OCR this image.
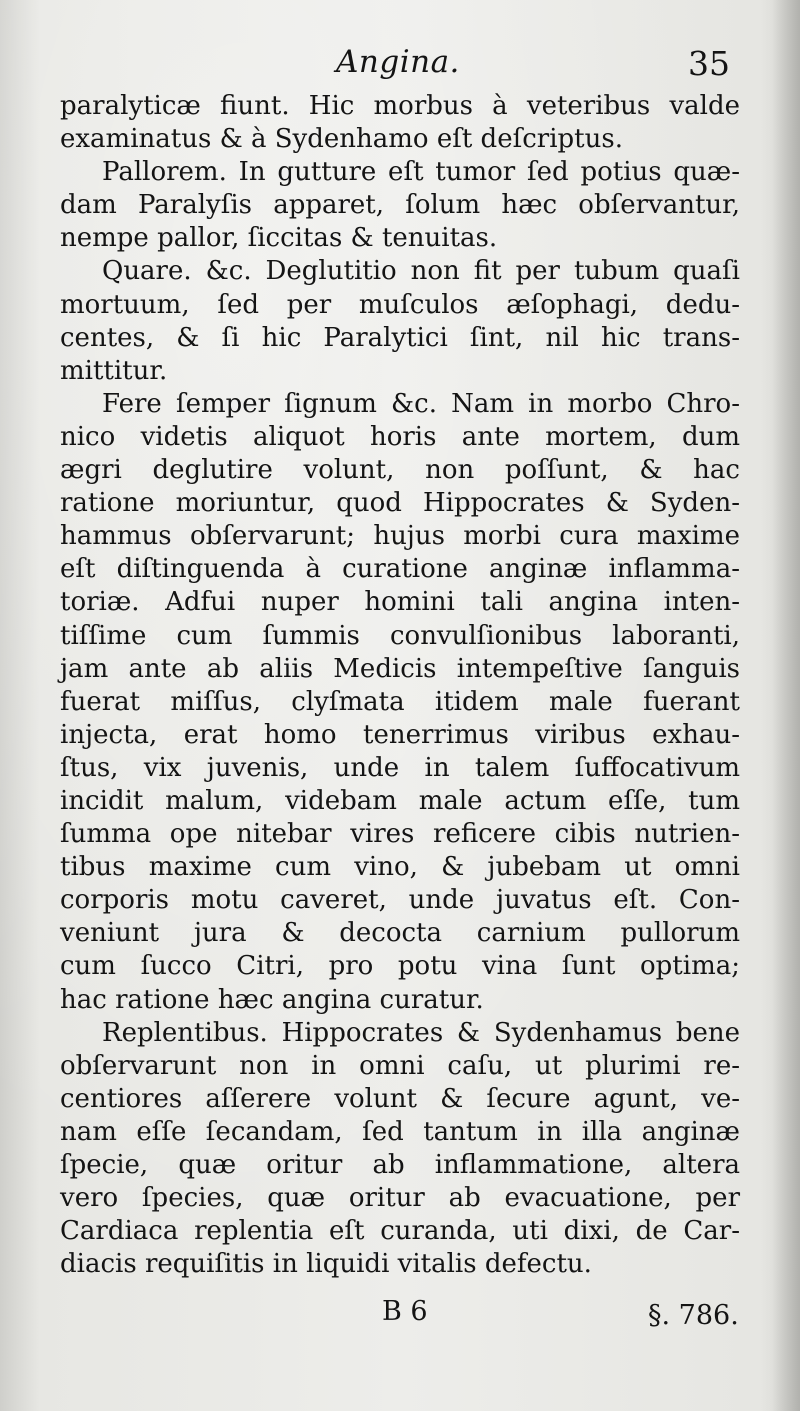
Angina.	35
paralyticæ fiunt. Hic morbus à veteribus valde
examinatus & à Sydenhamo eſt deſcriptus.
Pallorem. In gutture eſt tumor ſed potius quæ-
dam Paralyſis apparet, ſolum hæc obſervantur,
nempe pallor, ſiccitas & tenuitas.
Quare. &c. Deglutitio non fit per tubum quaſi
mortuum, ſed per muſculos æſophagi, dedu-
centes, & ſi hic Paralytici ſint, nil hic trans-
mittitur.
Fere ſemper ſignum &c. Nam in morbo Chro-
nico videtis aliquot horis ante mortem, dum
ægri deglutire volunt, non poſſunt, & hac
ratione moriuntur, quod Hippocrates & Syden-
hammus obſervarunt; hujus morbi cura maxime
eſt diſtinguenda à curatione anginæ inflamma-
toriæ. Adfui nuper homini tali angina inten-
tiſſime cum ſummis convulſionibus laboranti,
jam ante ab aliis Medicis intempeſtive ſanguis
fuerat miſſus, clyſmata itidem male fuerant
injecta, erat homo tenerrimus viribus exhau-
ſtus, vix juvenis, unde in talem ſuffocativum
incidit malum, videbam male actum eſſe, tum
ſumma ope nitebar vires reficere cibis nutrien-
tibus maxime cum vino, & jubebam ut omni
corporis motu caveret, unde juvatus eſt. Con-
veniunt jura & decocta carnium pullorum
cum ſucco Citri, pro potu vina ſunt optima;
hac ratione hæc angina curatur.
Replentibus. Hippocrates & Sydenhamus bene
obſervarunt non in omni caſu, ut plurimi re-
centiores aſſerere volunt & ſecure agunt, ve-
nam eſſe ſecandam, ſed tantum in illa anginæ
ſpecie, quæ oritur ab inflammatione, altera
vero ſpecies, quæ oritur ab evacuatione, per
Cardiaca replentia eſt curanda, uti dixi, de Car-
diacis requiſitis in liquidi vitalis defectu.
B 6	§. 786.
